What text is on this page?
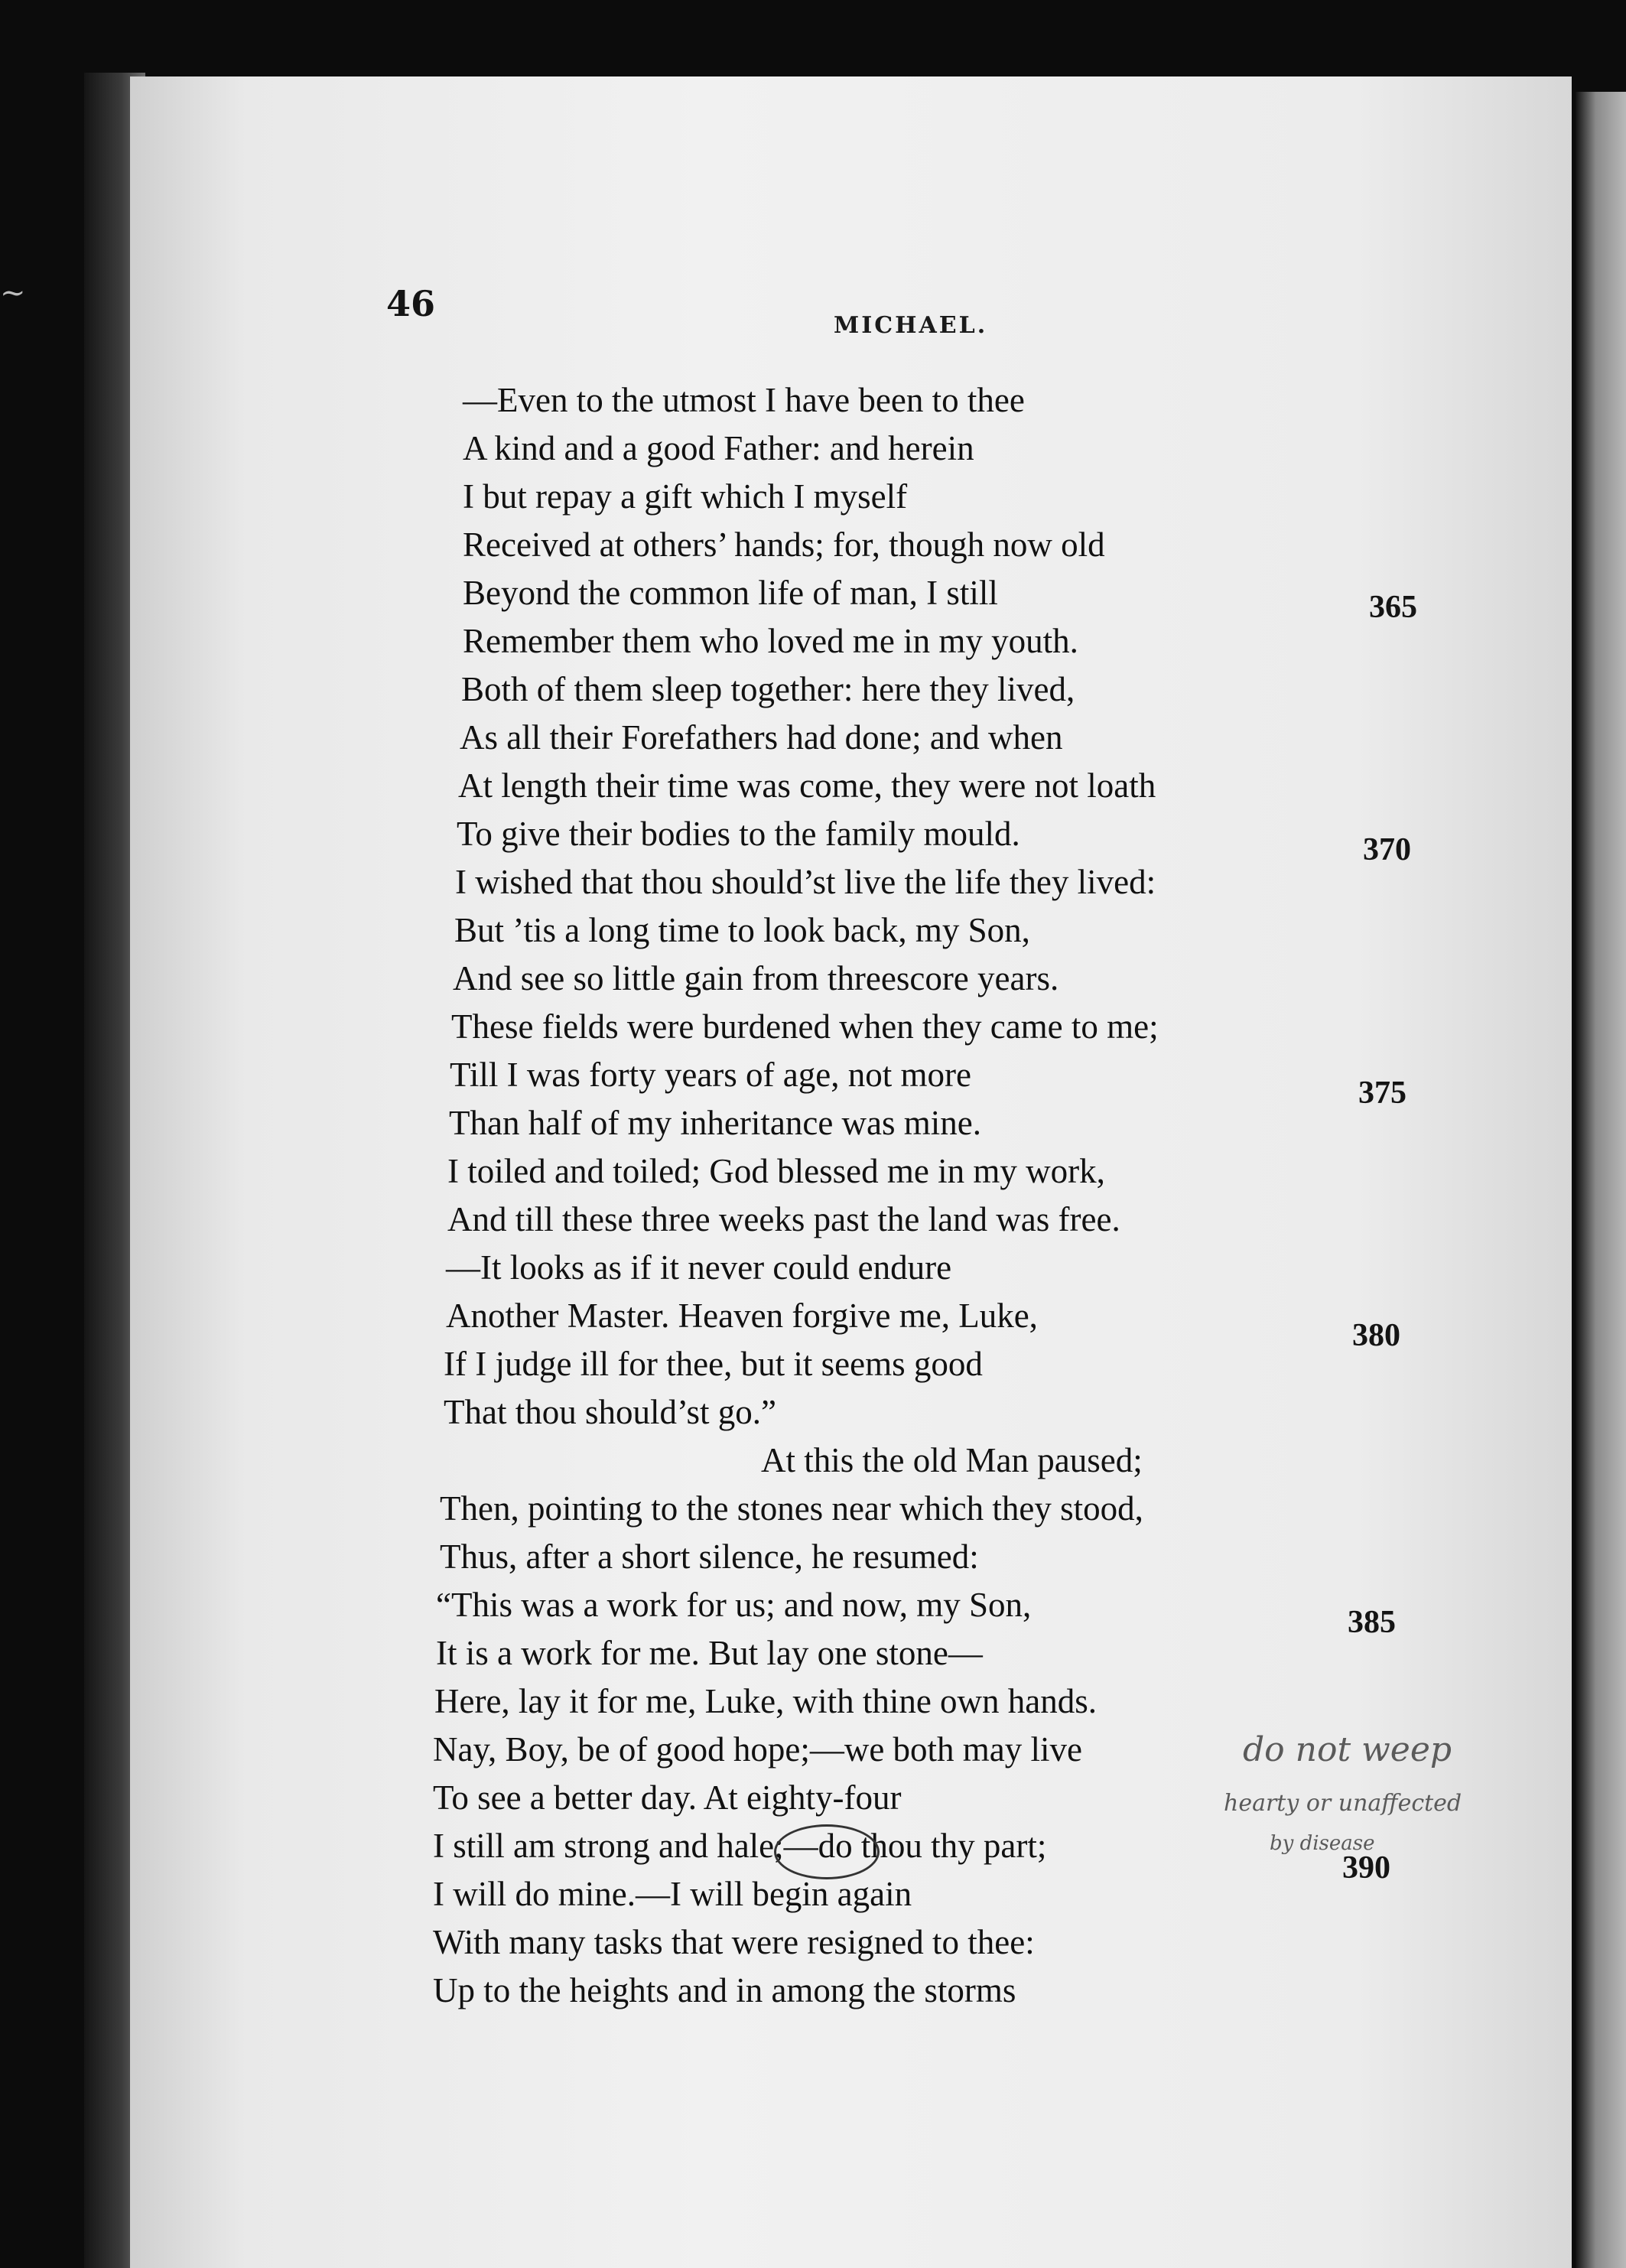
~	46
MICHAEL.
—Even to the utmost I have been to thee
A kind and a good Father: and herein
I but repay a gift which I myself
Received at others’ hands; for, though now old
Beyond the common life of man, I still
Remember them who loved me in my youth.
Both of them sleep together: here they lived,
As all their Forefathers had done; and when
At length their time was come, they were not loath
To give their bodies to the family mould.
I wished that thou should’st live the life they lived:
But ’tis a long time to look back, my Son,
And see so little gain from threescore years.
These fields were burdened when they came to me;
Till I was forty years of age, not more
Than half of my inheritance was mine.
I toiled and toiled; God blessed me in my work,
And till these three weeks past the land was free.
—It looks as if it never could endure
Another Master. Heaven forgive me, Luke,
If I judge ill for thee, but it seems good
That thou should’st go.”
At this the old Man paused;
Then, pointing to the stones near which they stood,
Thus, after a short silence, he resumed:
“This was a work for us; and now, my Son,
It is a work for me. But lay one stone—
Here, lay it for me, Luke, with thine own hands.
Nay, Boy, be of good hope;—we both may live
To see a better day. At eighty-four
I still am strong and hale;—do thou thy part;
I will do mine.—I will begin again
With many tasks that were resigned to thee:
Up to the heights and in among the storms
365
370
375
380
385
390
do not weep
hearty or unaffected
by disease
